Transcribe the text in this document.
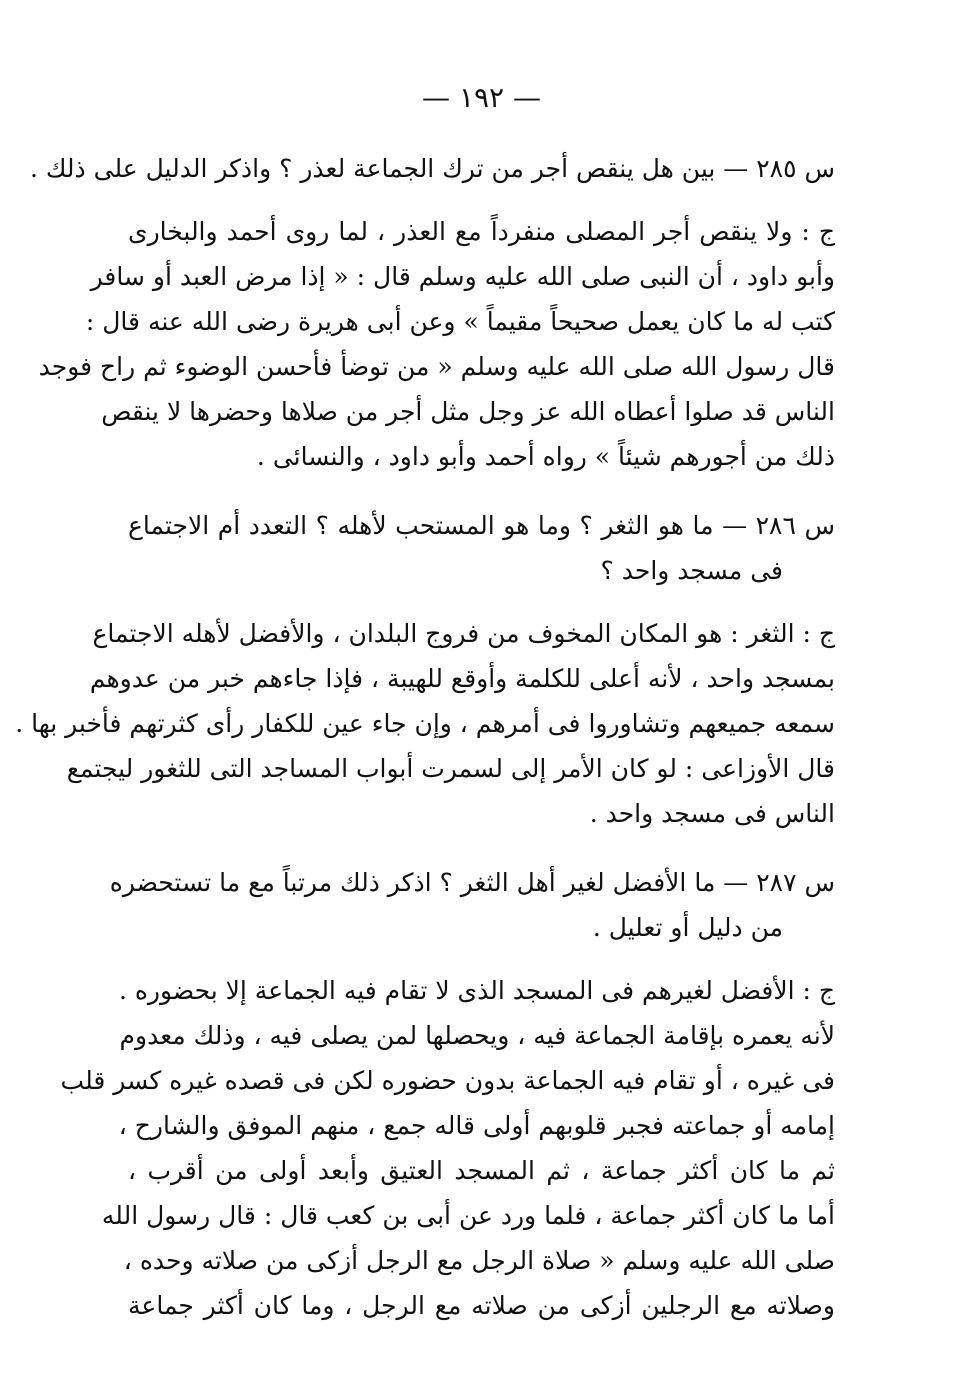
— ١٩٢ —
س ٢٨٥ — بين هل ينقص أجر من ترك الجماعة لعذر ؟ واذكر الدليل على ذلك .
ج : ولا ينقص أجر المصلى منفرداً مع العذر ، لما روى أحمد والبخارى
وأبو داود ، أن النبى صلى الله عليه وسلم قال : « إذا مرض العبد أو سافر
كتب له ما كان يعمل صحيحاً مقيماً » وعن أبى هريرة رضى الله عنه قال :
قال رسول الله صلى الله عليه وسلم « من توضأ فأحسن الوضوء ثم راح فوجد
الناس قد صلوا أعطاه الله عز وجل مثل أجر من صلاها وحضرها لا ينقص
ذلك من أجورهم شيئاً » رواه أحمد وأبو داود ، والنسائى .
س ٢٨٦ — ما هو الثغر ؟ وما هو المستحب لأهله ؟ التعدد أم الاجتماع
فى مسجد واحد ؟
ج : الثغر : هو المكان المخوف من فروج البلدان ، والأفضل لأهله الاجتماع
بمسجد واحد ، لأنه أعلى للكلمة وأوقع للهيبة ، فإذا جاءهم خبر من عدوهم
سمعه جميعهم وتشاوروا فى أمرهم ، وإن جاء عين للكفار رأى كثرتهم فأخبر بها .
قال الأوزاعى : لو كان الأمر إلى لسمرت أبواب المساجد التى للثغور ليجتمع
الناس فى مسجد واحد .
س ٢٨٧ — ما الأفضل لغير أهل الثغر ؟ اذكر ذلك مرتباً مع ما تستحضره
من دليل أو تعليل .
ج : الأفضل لغيرهم فى المسجد الذى لا تقام فيه الجماعة إلا بحضوره .
لأنه يعمره بإقامة الجماعة فيه ، ويحصلها لمن يصلى فيه ، وذلك معدوم
فى غيره ، أو تقام فيه الجماعة بدون حضوره لكن فى قصده غيره كسر قلب
إمامه أو جماعته فجبر قلوبهم أولى قاله جمع ، منهم الموفق والشارح ،
ثم ما كان أكثر جماعة ، ثم المسجد العتيق وأبعد أولى من أقرب ،
أما ما كان أكثر جماعة ، فلما ورد عن أبى بن كعب قال : قال رسول الله
صلى الله عليه وسلم « صلاة الرجل مع الرجل أزكى من صلاته وحده ،
وصلاته مع الرجلين أزكى من صلاته مع الرجل ، وما كان أكثر جماعة
